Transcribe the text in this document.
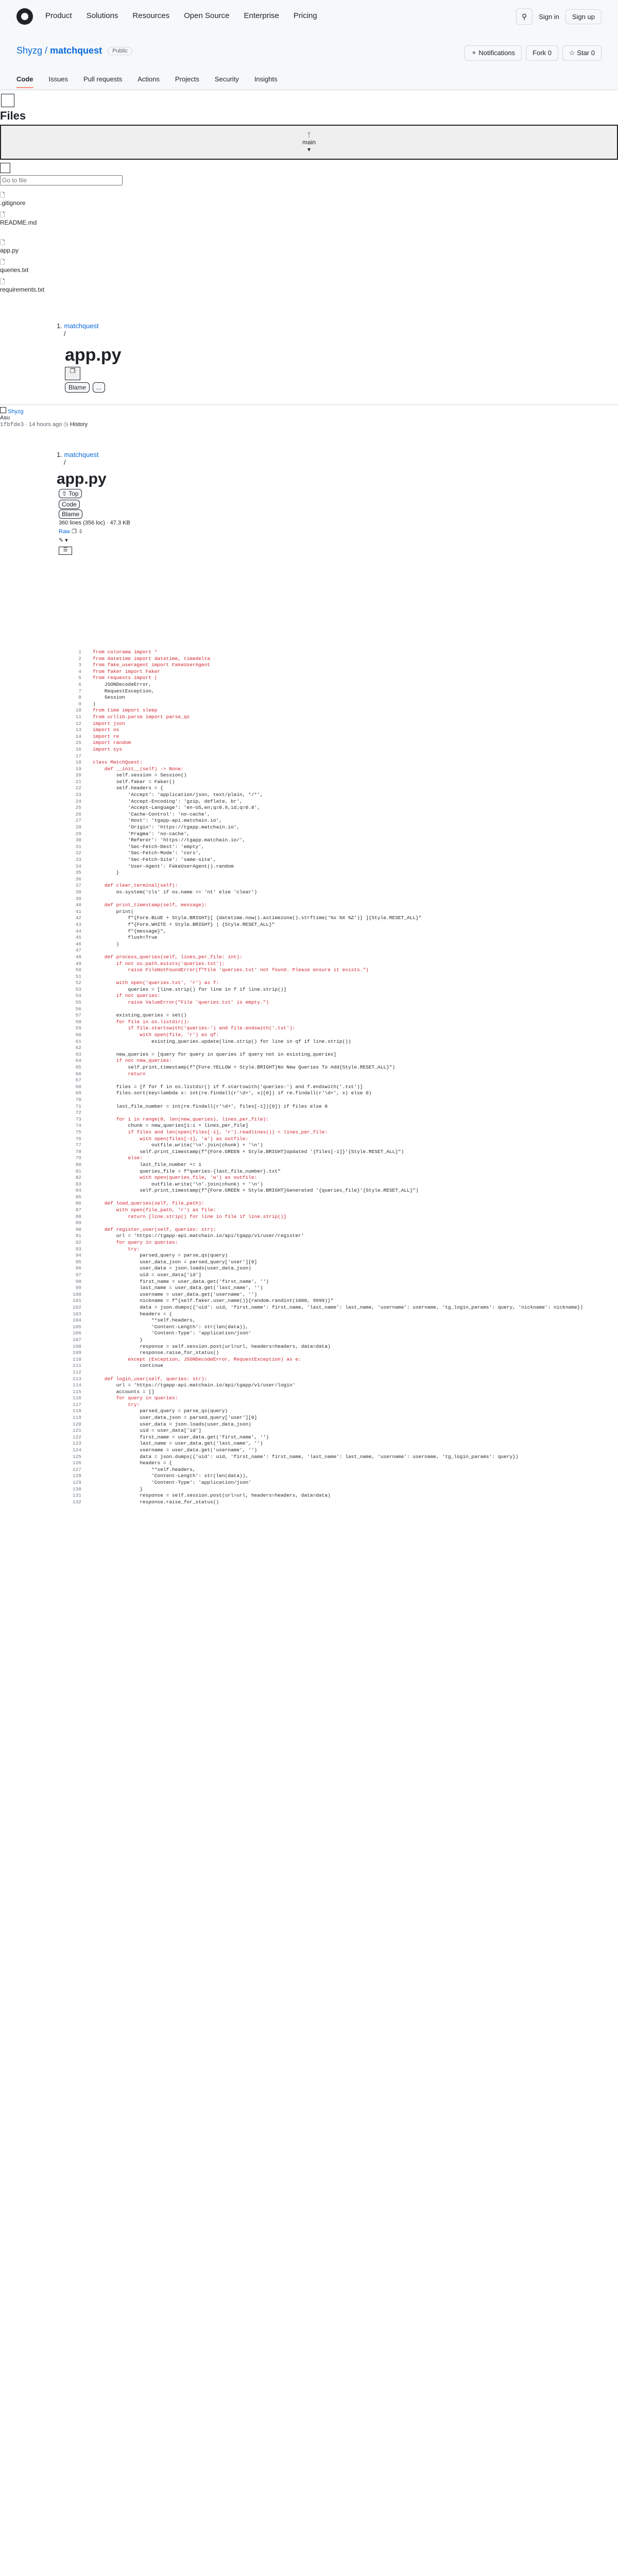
Product Solutions Resources Open Source Enterprise Pricing	⚲	Sign in	Sign up
Shyzg / matchquest Public	⚬ Notifications	Fork 0	☆ Star 0
Code Issues Pull requests Actions Projects Security Insights
Files
ᛉ
main
▾
Go to file
🗋
.gitignore
🗋
README.md
🗋
app.py
🗋
queries.txt
🗋
requirements.txt
1. matchquest
/
app.py
❐
Blame	...
Shyzg
Asu
1fbfde3 · 14 hours ago ◷ History
1. matchquest
/
app.py
⇧ Top
Code
Blame
360 lines (356 loc) · 47.3 KB
Raw ❐ ⇩
✎ ▾
☰
1 from colorama import *
2 from datetime import datetime, timedelta
3 from fake_useragent import FakeUserAgent
4 from faker import Faker
5 from requests import (
6    JSONDecodeError,
7    RequestException,
8    Session
9 )
10 from time import sleep
11 from urllib.parse import parse_qs
12 import json
13 import os
14 import re
15 import random
16 import sys
17
18 class MatchQuest:
19    def __init__(self) -> None:
20        self.session = Session()
21        self.faker = Faker()
22        self.headers = {
23            'Accept': 'application/json, text/plain, */*',
24            'Accept-Encoding': 'gzip, deflate, br',
25            'Accept-Language': 'en-US,en;q=0.9,id;q=0.8',
26            'Cache-Control': 'no-cache',
27            'Host': 'tgapp-api.matchain.io',
28            'Origin': 'https://tgapp.matchain.io',
29            'Pragma': 'no-cache',
30            'Referer': 'https://tgapp.matchain.io/',
31            'Sec-Fetch-Dest': 'empty',
32            'Sec-Fetch-Mode': 'cors',
33            'Sec-Fetch-Site': 'same-site',
34            'User-Agent': FakeUserAgent().random
35        }
36
37    def clear_terminal(self):
38        os.system('cls' if os.name == 'nt' else 'clear')
39
40    def print_timestamp(self, message):
41        print(
42            f"{Fore.BLUE + Style.BRIGHT}[ {datetime.now().astimezone().strftime('%x %X %Z')} ]{Style.RESET_ALL}"
43            f"{Fore.WHITE + Style.BRIGHT} | {Style.RESET_ALL}"
44            f"{message}",
45            flush=True
46        )
47
48    def process_queries(self, lines_per_file: int):
49        if not os.path.exists('queries.txt'):
50            raise FileNotFoundError(f"File 'queries.txt' not found. Please ensure it exists.")
51
52        with open('queries.txt', 'r') as f:
53            queries = [line.strip() for line in f if line.strip()]
54        if not queries:
55            raise ValueError("File 'queries.txt' is empty.")
56
57        existing_queries = set()
58        for file in os.listdir():
59            if file.startswith('queries-') and file.endswith('.txt'):
60                with open(file, 'r') as qf:
61                    existing_queries.update(line.strip() for line in qf if line.strip())
62
63        new_queries = [query for query in queries if query not in existing_queries]
64        if not new_queries:
65            self.print_timestamp(f"{Fore.YELLOW + Style.BRIGHT}No New Queries To Add{Style.RESET_ALL}")
66            return
67
68        files = [f for f in os.listdir() if f.startswith('queries-') and f.endswith('.txt')]
69        files.sort(key=lambda x: int(re.findall(r'\d+', x)[0]) if re.findall(r'\d+', x) else 0)
70
71        last_file_number = int(re.findall(r'\d+', files[-1])[0]) if files else 0
72
73        for i in range(0, len(new_queries), lines_per_file):
74            chunk = new_queries[i:i + lines_per_file]
75            if files and len(open(files[-1], 'r').readlines()) < lines_per_file:
76                with open(files[-1], 'a') as outfile:
77                    outfile.write('\n'.join(chunk) + '\n')
78                self.print_timestamp(f"{Fore.GREEN + Style.BRIGHT}Updated '{files[-1]}'{Style.RESET_ALL}")
79            else:
80                last_file_number += 1
81                queries_file = f"queries-{last_file_number}.txt"
82                with open(queries_file, 'w') as outfile:
83                    outfile.write('\n'.join(chunk) + '\n')
84                self.print_timestamp(f"{Fore.GREEN + Style.BRIGHT}Generated '{queries_file}'{Style.RESET_ALL}")
85
86    def load_queries(self, file_path):
87        with open(file_path, 'r') as file:
88            return [line.strip() for line in file if line.strip()]
89
90    def register_user(self, queries: str):
91        url = 'https://tgapp-api.matchain.io/api/tgapp/v1/user/register'
92        for query in queries:
93            try:
94                parsed_query = parse_qs(query)
95                user_data_json = parsed_query['user'][0]
96                user_data = json.loads(user_data_json)
97                uid = user_data['id']
98                first_name = user_data.get('first_name', '')
99                last_name = user_data.get('last_name', '')
100                username = user_data.get('username', '')
101                nickname = f"{self.faker.user_name()}{random.randint(1000, 9999)}"
102                data = json.dumps({'uid': uid, 'first_name': first_name, 'last_name': last_name, 'username': username, 'tg_login_params': query, 'nickname': nickname})
103                headers = {
104                    **self.headers,
105                    'Content-Length': str(len(data)),
106                    'Content-Type': 'application/json'
107                }
108                response = self.session.post(url=url, headers=headers, data=data)
109                response.raise_for_status()
110            except (Exception, JSONDecodeError, RequestException) as e:
111                continue
112
113    def login_user(self, queries: str):
114        url = 'https://tgapp-api.matchain.io/api/tgapp/v1/user/login'
115        accounts = []
116        for query in queries:
117            try:
118                parsed_query = parse_qs(query)
119                user_data_json = parsed_query['user'][0]
120                user_data = json.loads(user_data_json)
121                uid = user_data['id']
122                first_name = user_data.get('first_name', '')
123                last_name = user_data.get('last_name', '')
124                username = user_data.get('username', '')
125                data = json.dumps({'uid': uid, 'first_name': first_name, 'last_name': last_name, 'username': username, 'tg_login_params': query})
126                headers = {
127                    **self.headers,
128                    'Content-Length': str(len(data)),
129                    'Content-Type': 'application/json'
130                }
131                response = self.session.post(url=url, headers=headers, data=data)
132                response.raise_for_status()
